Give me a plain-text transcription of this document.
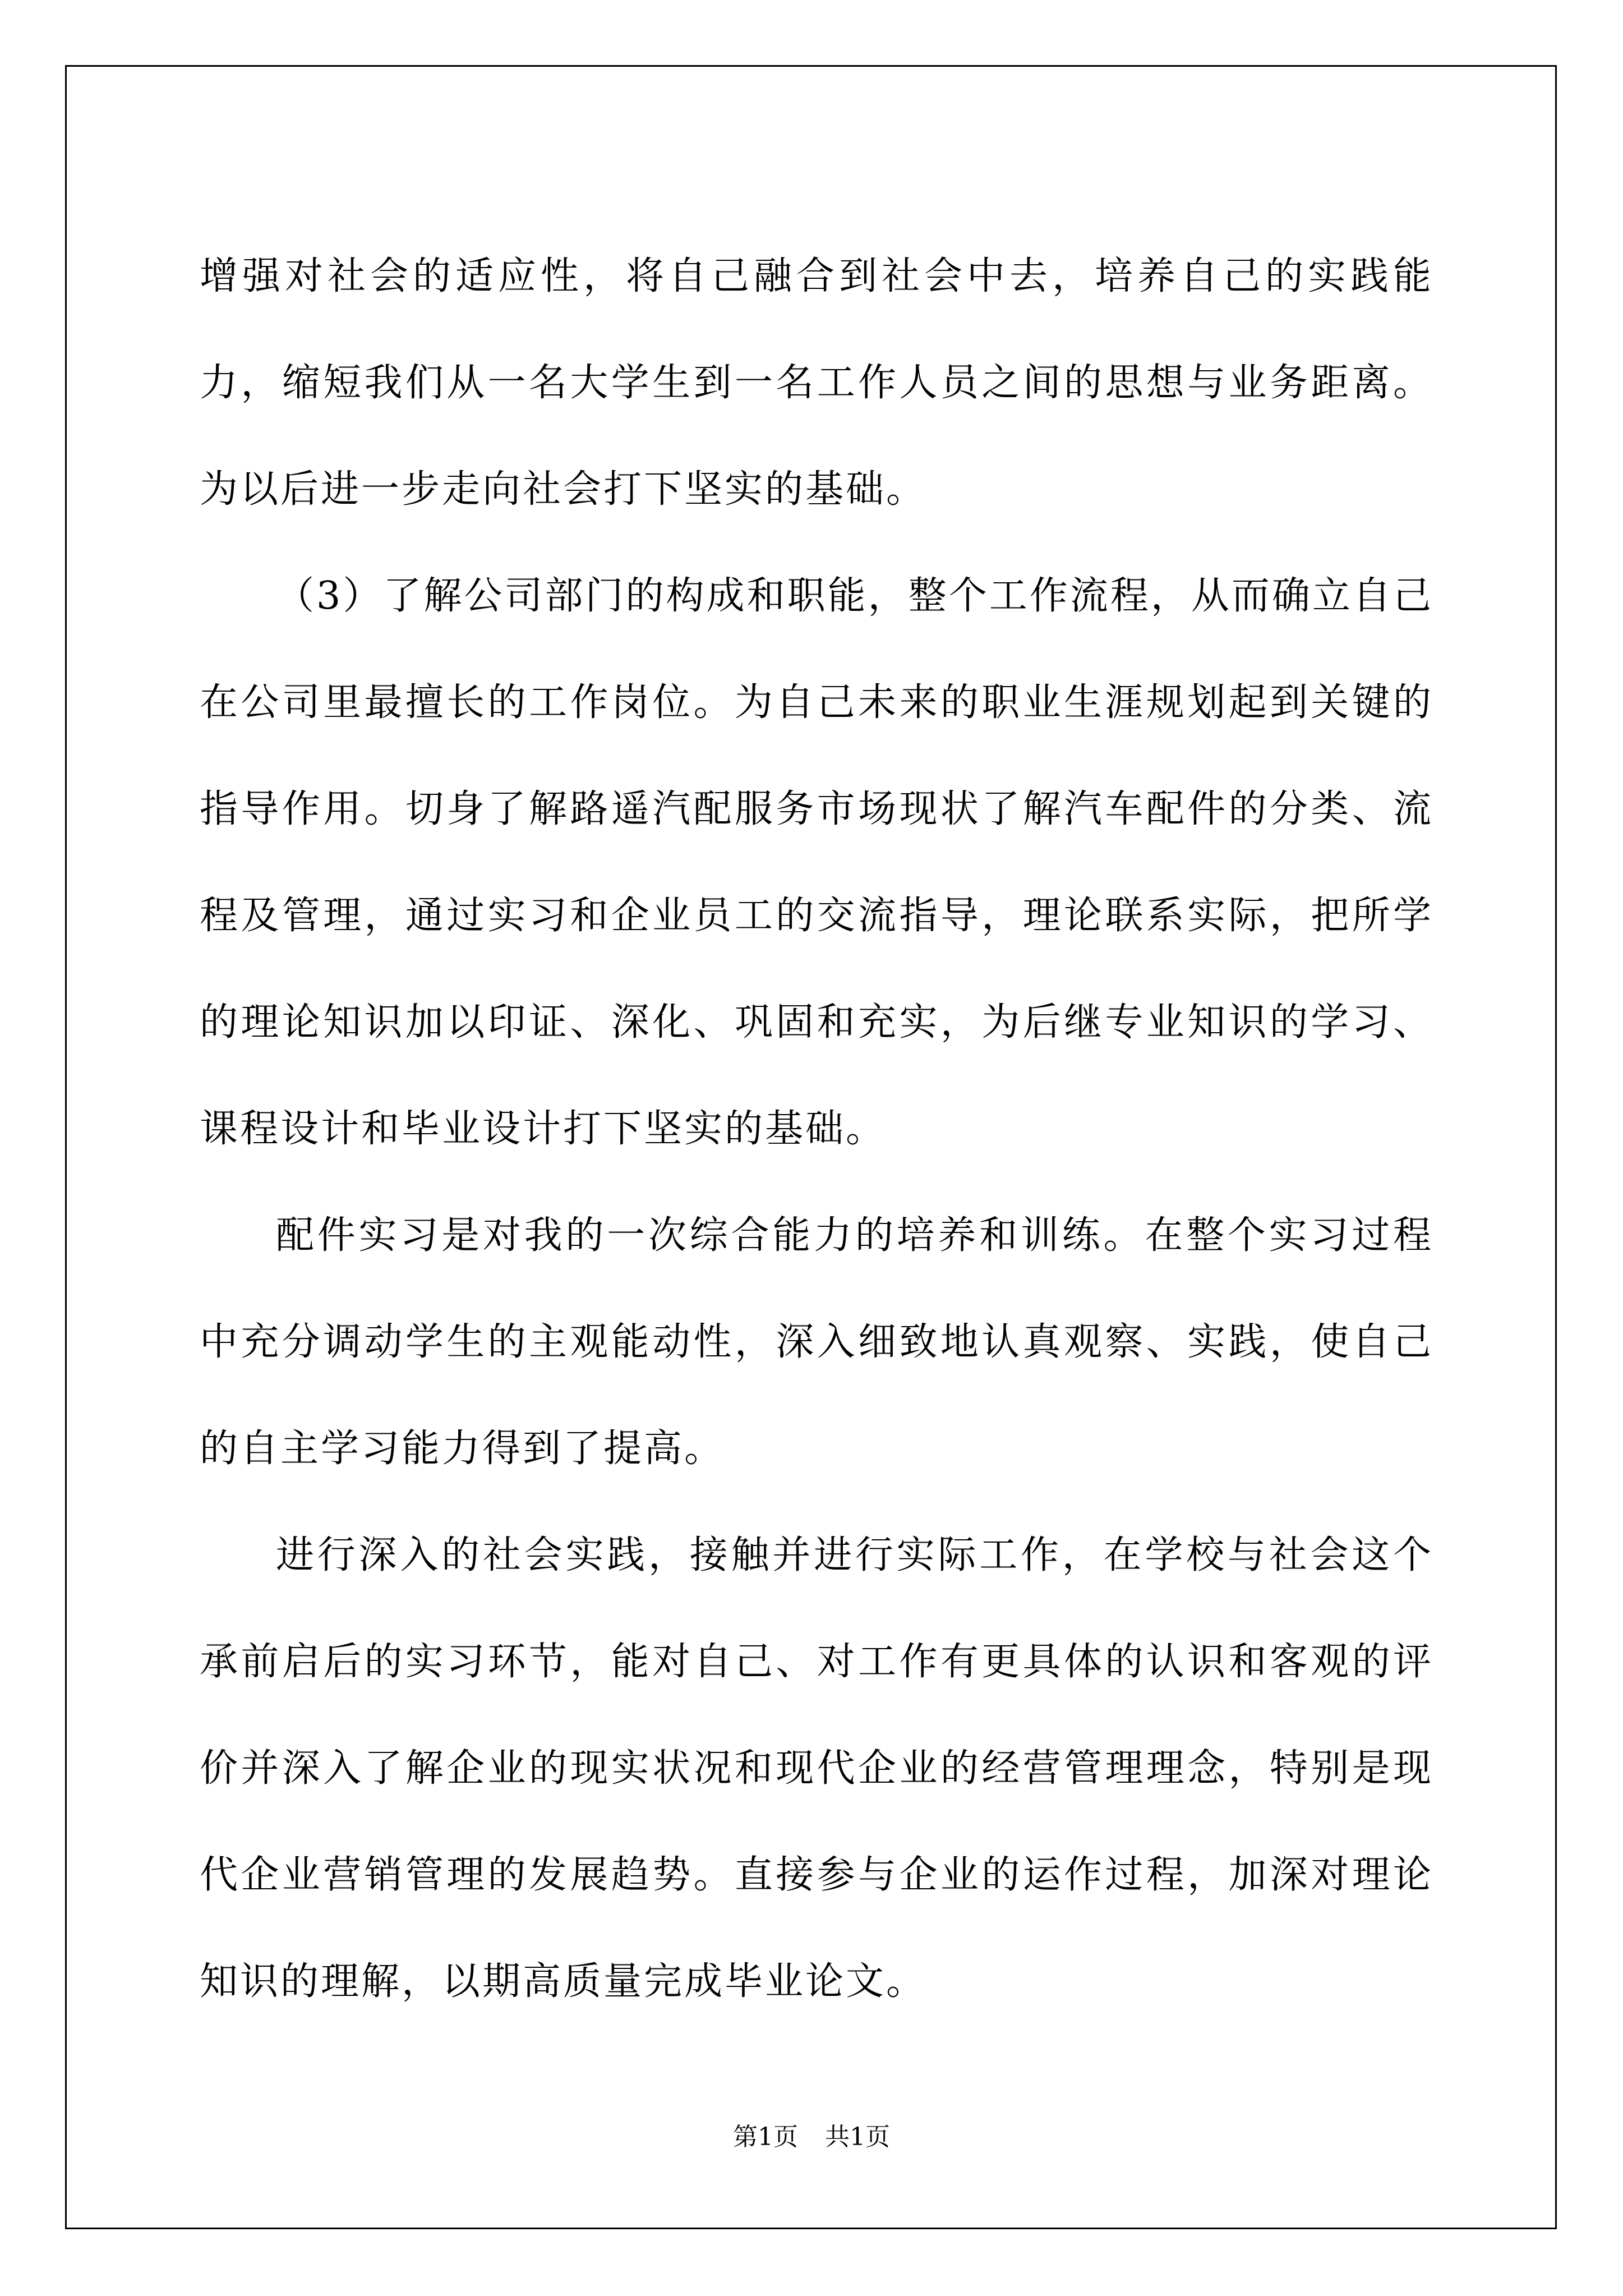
增强对社会的适应性，将自己融合到社会中去，培养自己的实践能力，缩短我们从一名大学生到一名工作人员之间的思想与业务距离。为以后进一步走向社会打下坚实的基础。

（3）了解公司部门的构成和职能，整个工作流程，从而确立自己在公司里最擅长的工作岗位。为自己未来的职业生涯规划起到关键的指导作用。切身了解路遥汽配服务市场现状了解汽车配件的分类、流程及管理，通过实习和企业员工的交流指导，理论联系实际，把所学的理论知识加以印证、深化、巩固和充实，为后继专业知识的学习、课程设计和毕业设计打下坚实的基础。

配件实习是对我的一次综合能力的培养和训练。在整个实习过程中充分调动学生的主观能动性，深入细致地认真观察、实践，使自己的自主学习能力得到了提高。

进行深入的社会实践，接触并进行实际工作，在学校与社会这个承前启后的实习环节，能对自己、对工作有更具体的认识和客观的评价并深入了解企业的现实状况和现代企业的经营管理理念，特别是现代企业营销管理的发展趋势。直接参与企业的运作过程，加深对理论知识的理解，以期高质量完成毕业论文。

第1页 共1页
